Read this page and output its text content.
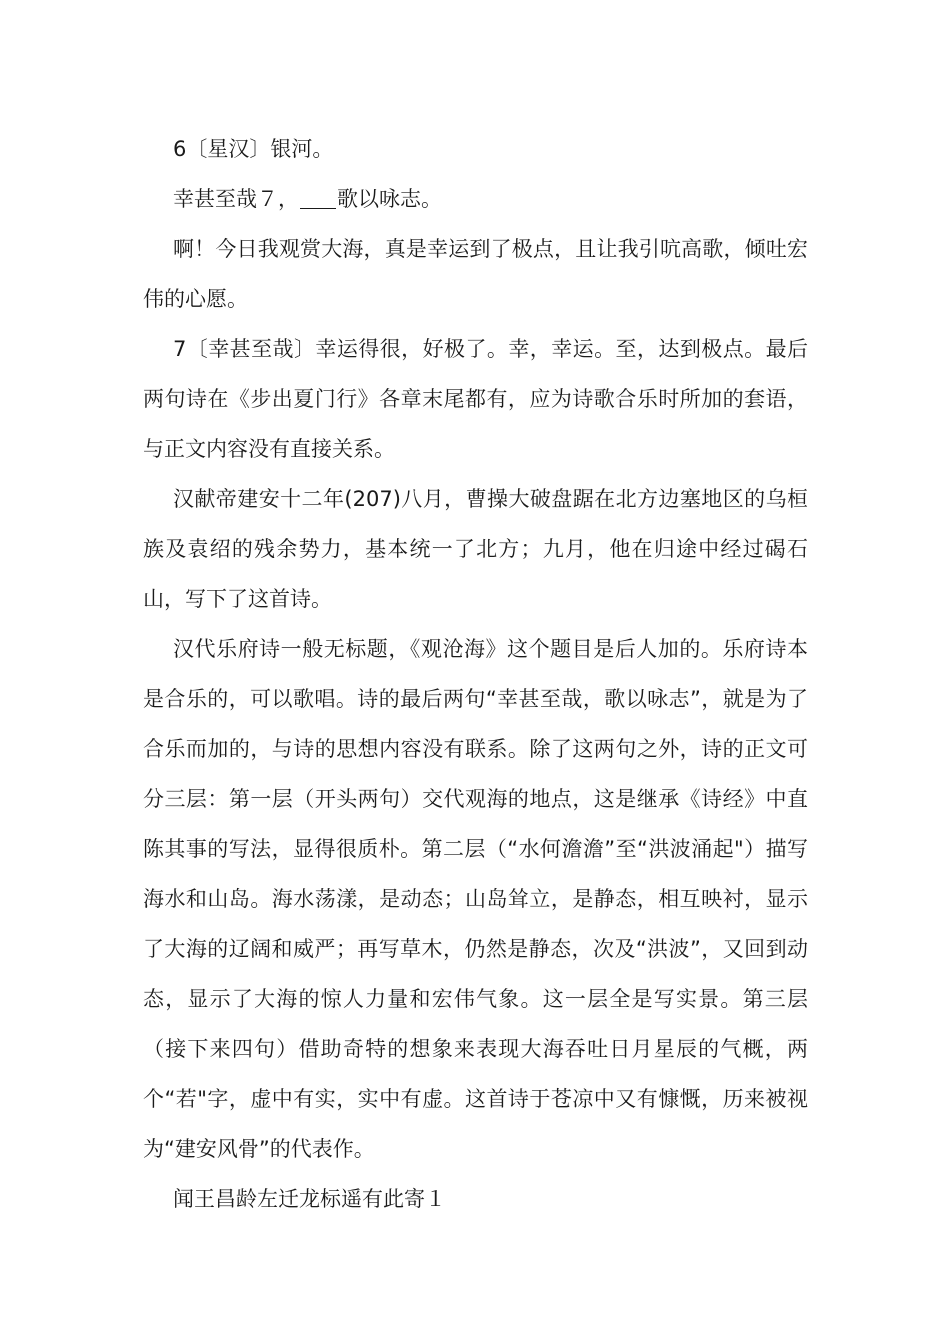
6〔星汉〕银河。

幸甚至哉７， 歌以咏志。

啊！今日我观赏大海，真是幸运到了极点，且让我引吭高歌，倾吐宏伟的心愿。

7〔幸甚至哉〕幸运得很，好极了。幸，幸运。至，达到极点。最后两句诗在《步出夏门行》各章末尾都有，应为诗歌合乐时所加的套语，与正文内容没有直接关系。

汉献帝建安十二年(207)八月，曹操大破盘踞在北方边塞地区的乌桓族及袁绍的残余势力，基本统一了北方；九月，他在归途中经过碣石山，写下了这首诗。

汉代乐府诗一般无标题，《观沧海》这个题目是后人加的。乐府诗本是合乐的，可以歌唱。诗的最后两句“幸甚至哉，歌以咏志”，就是为了合乐而加的，与诗的思想内容没有联系。除了这两句之外，诗的正文可分三层：第一层（开头两句）交代观海的地点，这是继承《诗经》中直陈其事的写法，显得很质朴。第二层（“水何澹澹”至“洪波涌起"）描写海水和山岛。海水荡漾，是动态；山岛耸立，是静态，相互映衬，显示了大海的辽阔和威严；再写草木，仍然是静态，次及“洪波”，又回到动态，显示了大海的惊人力量和宏伟气象。这一层全是写实景。第三层（接下来四句）借助奇特的想象来表现大海吞吐日月星辰的气概，两个“若"字，虚中有实，实中有虚。这首诗于苍凉中又有慷慨，历来被视为“建安风骨”的代表作。

闻王昌龄左迁龙标遥有此寄１
